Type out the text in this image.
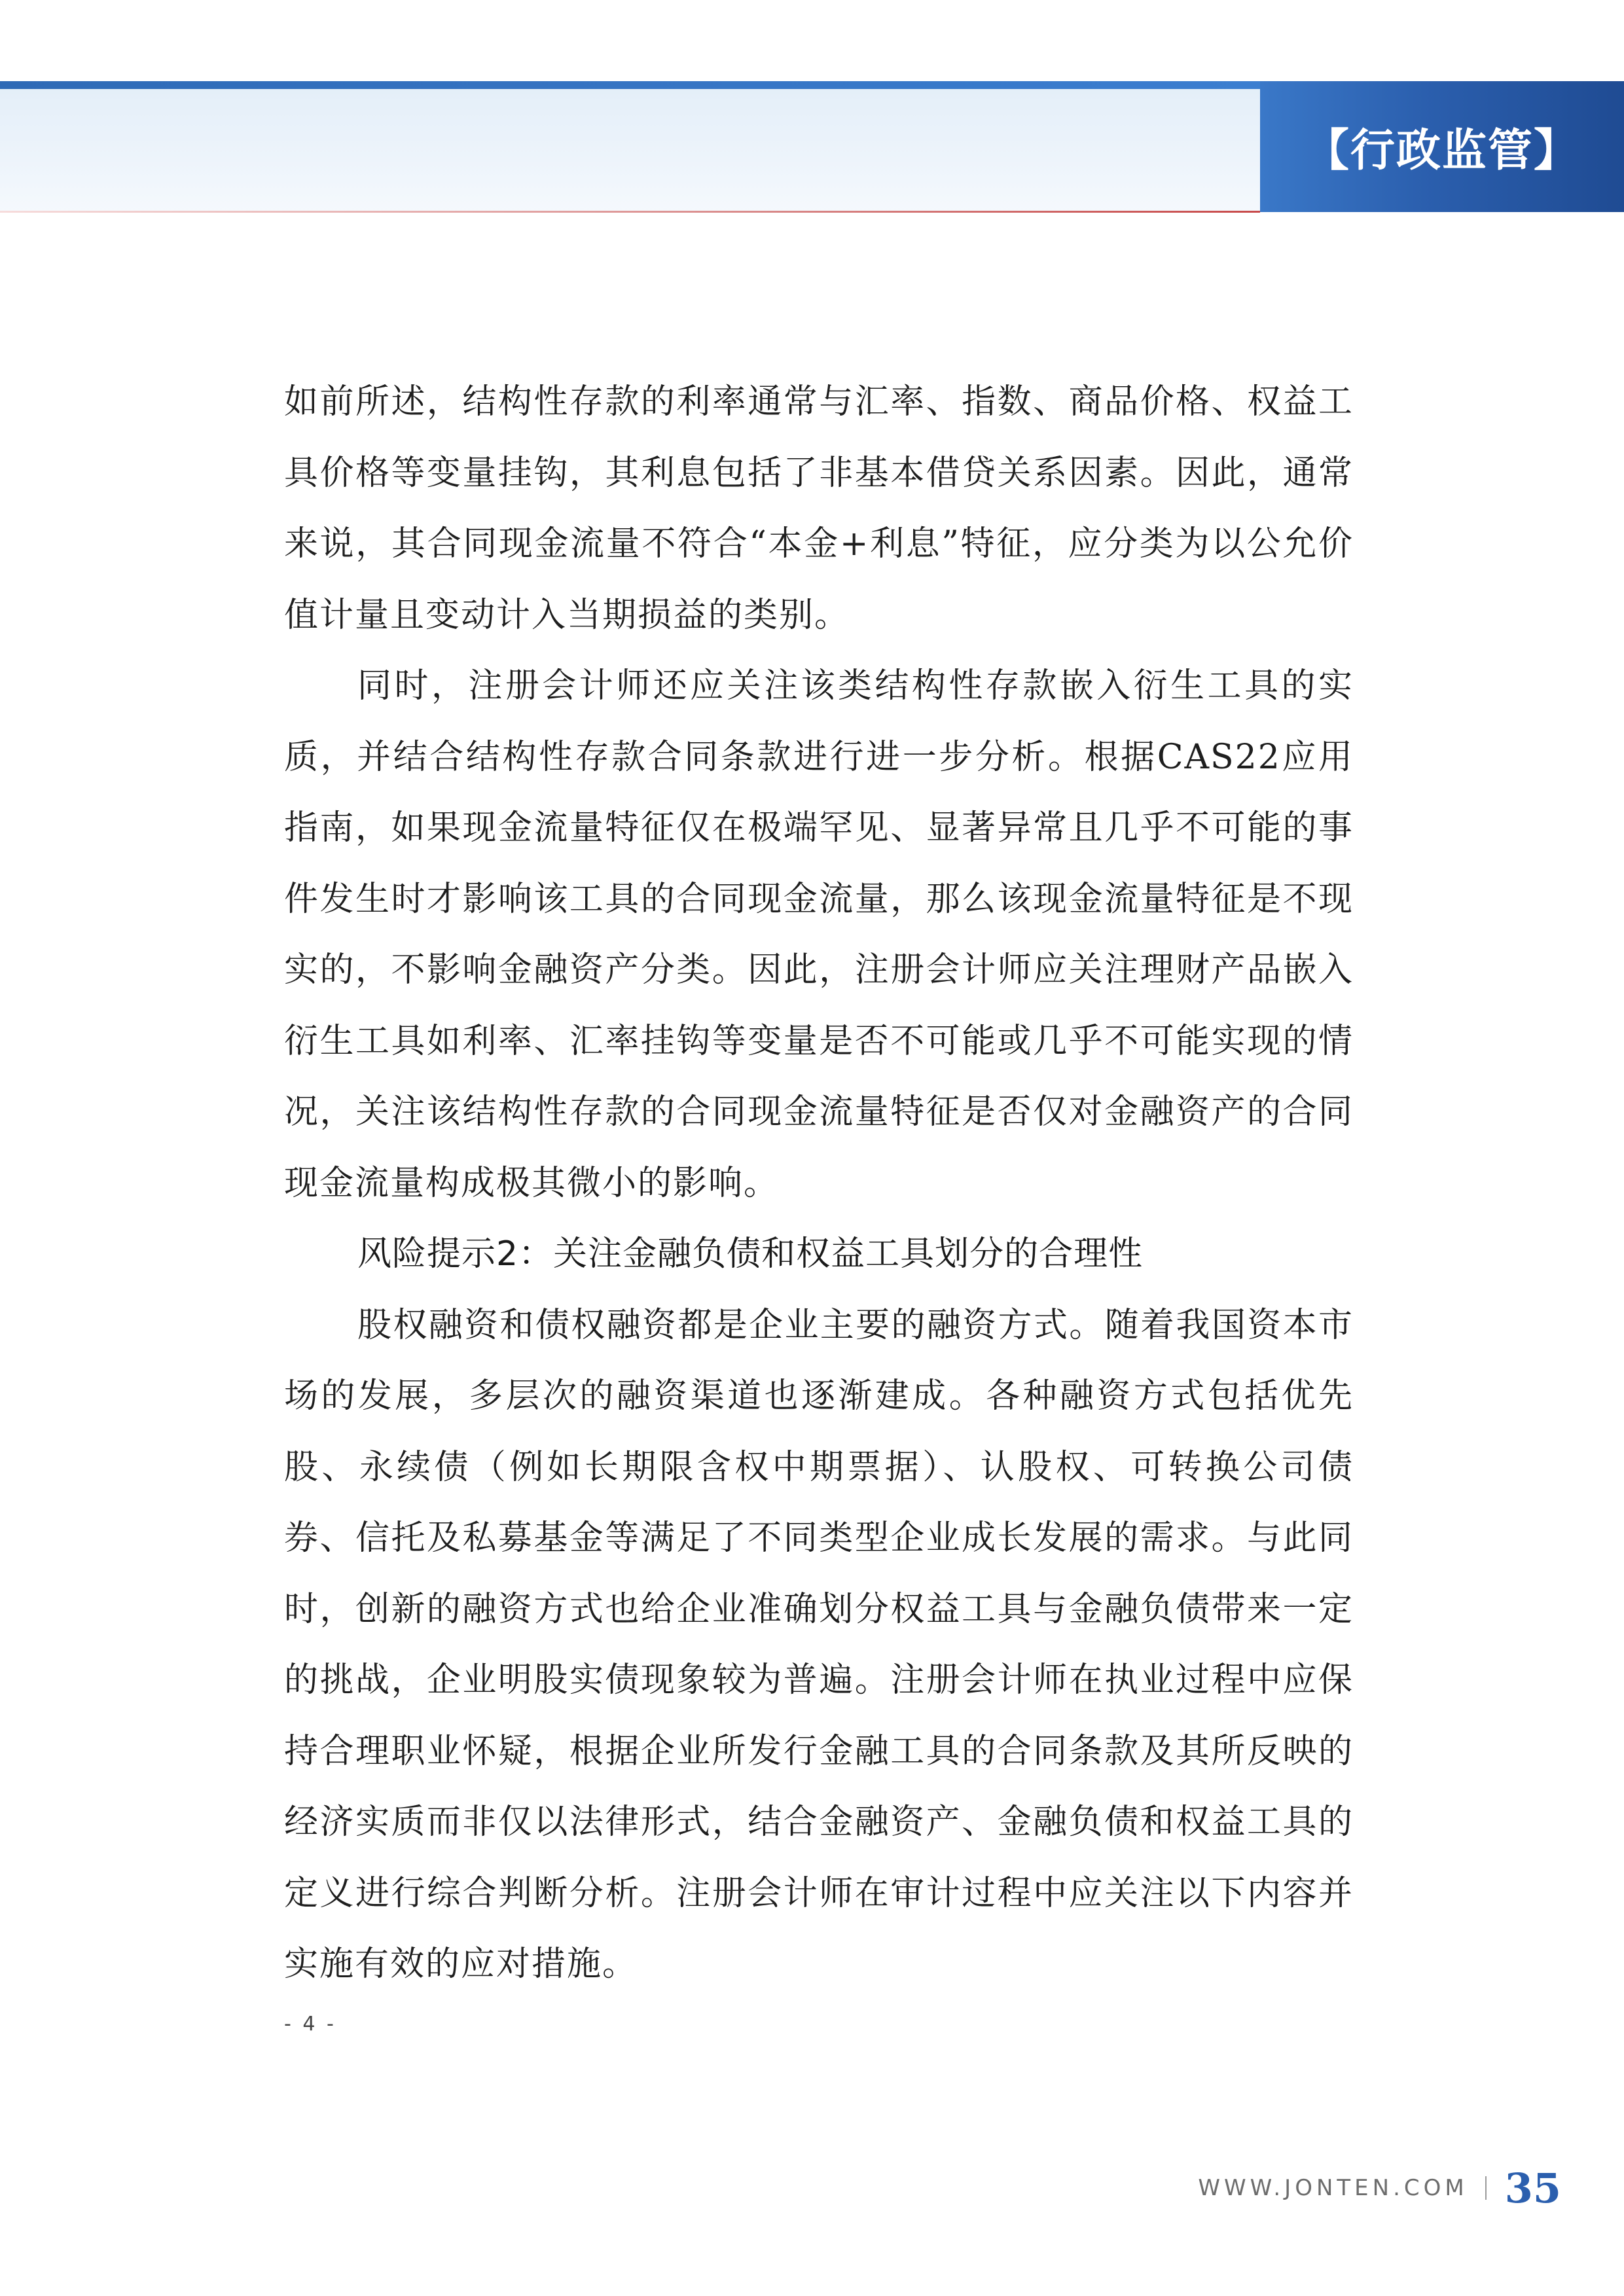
【行政监管】

如前所述，结构性存款的利率通常与汇率、指数、商品价格、权益工具价格等变量挂钩，其利息包括了非基本借贷关系因素。因此，通常来说，其合同现金流量不符合“本金+利息”特征，应分类为以公允价值计量且变动计入当期损益的类别。

同时，注册会计师还应关注该类结构性存款嵌入衍生工具的实质，并结合结构性存款合同条款进行进一步分析。根据CAS22应用指南，如果现金流量特征仅在极端罕见、显著异常且几乎不可能的事件发生时才影响该工具的合同现金流量，那么该现金流量特征是不现实的，不影响金融资产分类。因此，注册会计师应关注理财产品嵌入衍生工具如利率、汇率挂钩等变量是否不可能或几乎不可能实现的情况，关注该结构性存款的合同现金流量特征是否仅对金融资产的合同现金流量构成极其微小的影响。

风险提示2：关注金融负债和权益工具划分的合理性

股权融资和债权融资都是企业主要的融资方式。随着我国资本市场的发展，多层次的融资渠道也逐渐建成。各种融资方式包括优先股、永续债（例如长期限含权中期票据）、认股权、可转换公司债券、信托及私募基金等满足了不同类型企业成长发展的需求。与此同时，创新的融资方式也给企业准确划分权益工具与金融负债带来一定的挑战，企业明股实债现象较为普遍。注册会计师在执业过程中应保持合理职业怀疑，根据企业所发行金融工具的合同条款及其所反映的经济实质而非仅以法律形式，结合金融资产、金融负债和权益工具的定义进行综合判断分析。注册会计师在审计过程中应关注以下内容并实施有效的应对措施。

- 4 -
WWW.JONTEN.COM 35
